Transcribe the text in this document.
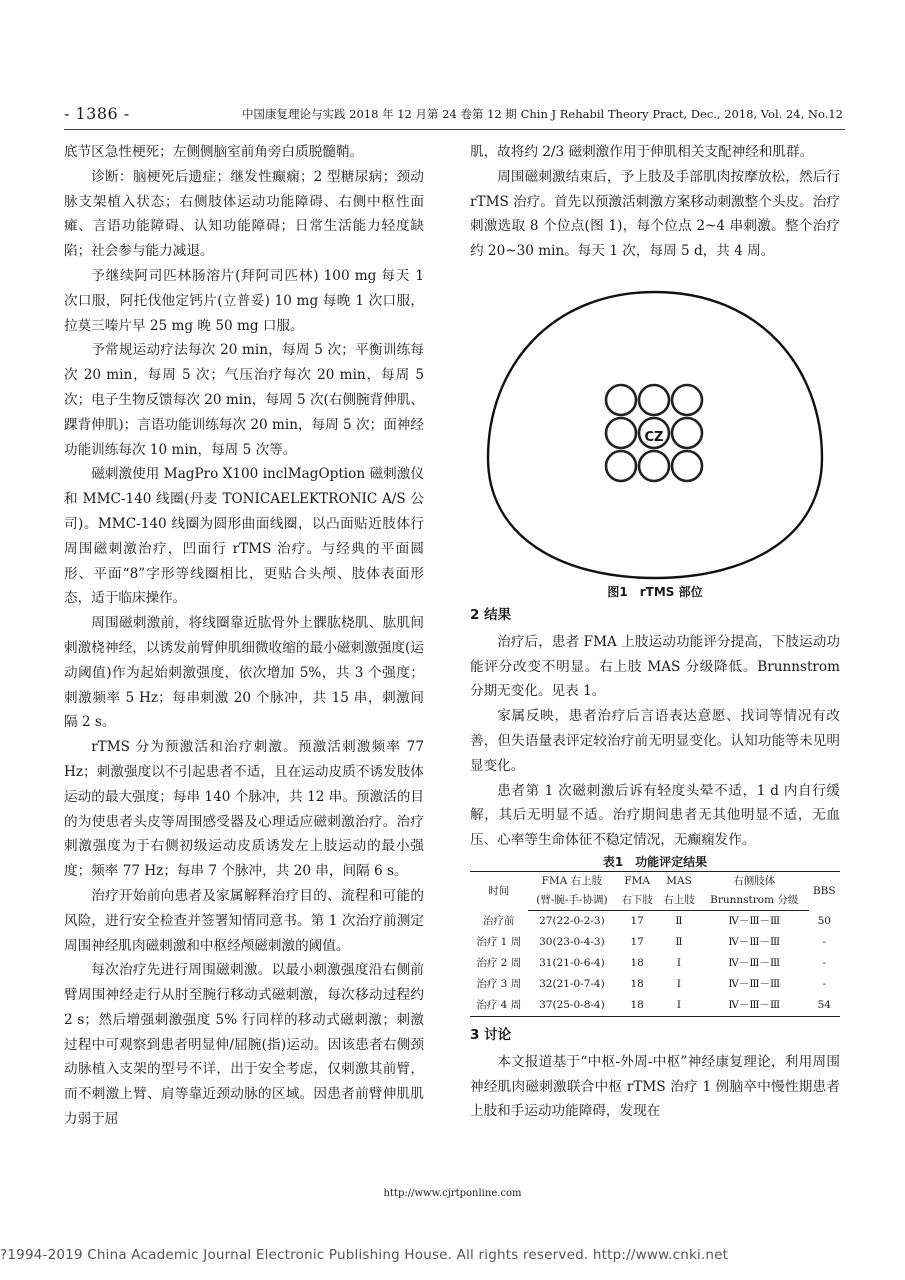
- 1386 -	中国康复理论与实践 2018 年 12 月第 24 卷第 12 期 Chin J Rehabil Theory Pract, Dec., 2018, Vol. 24, No.12

底节区急性梗死；左侧侧脑室前角旁白质脱髓鞘。

诊断：脑梗死后遗症；继发性癫痫；2 型糖尿病；颈动脉支架植入状态；右侧肢体运动功能障碍、右侧中枢性面瘫、言语功能障碍、认知功能障碍；日常生活能力轻度缺陷；社会参与能力减退。

予继续阿司匹林肠溶片(拜阿司匹林) 100 mg 每天 1 次口服，阿托伐他定钙片(立普妥) 10 mg 每晚 1 次口服，拉莫三嗪片早 25 mg 晚 50 mg 口服。

予常规运动疗法每次 20 min，每周 5 次；平衡训练每次 20 min，每周 5 次；气压治疗每次 20 min，每周 5 次；电子生物反馈每次 20 min，每周 5 次(右侧腕背伸肌、踝背伸肌)；言语功能训练每次 20 min，每周 5 次；面神经功能训练每次 10 min，每周 5 次等。

磁刺激使用 MagPro X100 inclMagOption 磁刺激仪和 MMC-140 线圈(丹麦 TONICAELEKTRONIC A/S 公司)。MMC-140 线圈为圆形曲面线圈，以凸面贴近肢体行周围磁刺激治疗，凹面行 rTMS 治疗。与经典的平面圆形、平面“8”字形等线圈相比，更贴合头颅、肢体表面形态，适于临床操作。

周围磁刺激前，将线圈靠近肱骨外上髁肱桡肌、肱肌间刺激桡神经，以诱发前臂伸肌细微收缩的最小磁刺激强度(运动阈值)作为起始刺激强度，依次增加 5%，共 3 个强度；刺激频率 5 Hz；每串刺激 20 个脉冲，共 15 串，刺激间隔 2 s。

rTMS 分为预激活和治疗刺激。预激活刺激频率 77 Hz；刺激强度以不引起患者不适，且在运动皮质不诱发肢体运动的最大强度；每串 140 个脉冲，共 12 串。预激活的目的为使患者头皮等周围感受器及心理适应磁刺激治疗。治疗刺激强度为于右侧初级运动皮质诱发左上肢运动的最小强度；频率 77 Hz；每串 7 个脉冲，共 20 串，间隔 6 s。

治疗开始前向患者及家属解释治疗目的、流程和可能的风险，进行安全检查并签署知情同意书。第 1 次治疗前测定周围神经肌肉磁刺激和中枢经颅磁刺激的阈值。

每次治疗先进行周围磁刺激。以最小刺激强度沿右侧前臂周围神经走行从肘至腕行移动式磁刺激，每次移动过程约 2 s；然后增强刺激强度 5% 行同样的移动式磁刺激；刺激过程中可观察到患者明显伸/屈腕(指)运动。因该患者右侧颈动脉植入支架的型号不详，出于安全考虑，仅刺激其前臂，而不刺激上臂、肩等靠近颈动脉的区域。因患者前臂伸肌肌力弱于屈

肌，故将约 2/3 磁刺激作用于伸肌相关支配神经和肌群。

周围磁刺激结束后，予上肢及手部肌肉按摩放松，然后行 rTMS 治疗。首先以预激活刺激方案移动刺激整个头皮。治疗刺激选取 8 个位点(图 1)，每个位点 2~4 串刺激。整个治疗约 20~30 min。每天 1 次，每周 5 d，共 4 周。

CZ

图1　rTMS 部位

2 结果

治疗后，患者 FMA 上肢运动功能评分提高，下肢运动功能评分改变不明显。右上肢 MAS 分级降低。Brunnstrom 分期无变化。见表 1。

家属反映，患者治疗后言语表达意愿、找词等情况有改善，但失语量表评定较治疗前无明显变化。认知功能等未见明显变化。

患者第 1 次磁刺激后诉有轻度头晕不适，1 d 内自行缓解，其后无明显不适。治疗期间患者无其他明显不适，无血压、心率等生命体征不稳定情况，无癫痫发作。

表1　功能评定结果

时间	FMA 右上肢	FMA	MAS	右侧肢体	BBS
	(臂-腕-手-协调)	右下肢	右上肢	Brunnstrom 分级	
治疗前	27(22-0-2-3)	17	Ⅱ	Ⅳ－Ⅲ－Ⅲ	50
治疗 1 周	30(23-0-4-3)	17	Ⅱ	Ⅳ－Ⅲ－Ⅲ	-
治疗 2 周	31(21-0-6-4)	18	Ⅰ	Ⅳ－Ⅲ－Ⅲ	-
治疗 3 周	32(21-0-7-4)	18	Ⅰ	Ⅳ－Ⅲ－Ⅲ	-
治疗 4 周	37(25-0-8-4)	18	Ⅰ	Ⅳ－Ⅲ－Ⅲ	54

3 讨论

本文报道基于“中枢-外周-中枢”神经康复理论，利用周围神经肌肉磁刺激联合中枢 rTMS 治疗 1 例脑卒中慢性期患者上肢和手运动功能障碍，发现在

http://www.cjrtponline.com
?1994-2019 China Academic Journal Electronic Publishing House. All rights reserved. http://www.cnki.net
